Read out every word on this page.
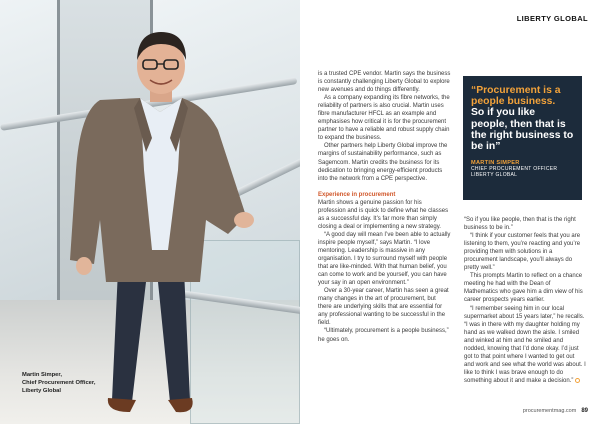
Martin Simper,
Chief Procurement Officer,
Liberty Global
LIBERTY GLOBAL

is a trusted CPE vendor. Martin says the business is constantly challenging Liberty Global to explore new avenues and do things differently.

As a company expanding its fibre networks, the reliability of partners is also crucial. Martin uses fibre manufacturer HFCL as an example and emphasises how critical it is for the procurement partner to have a reliable and robust supply chain to expand the business.

Other partners help Liberty Global improve the margins of sustainability performance, such as Sagemcom. Martin credits the business for its dedication to bringing energy-efficient products into the network from a CPE perspective.

Experience in procurement

Martin shows a genuine passion for his profession and is quick to define what he classes as a successful day. It’s far more than simply closing a deal or implementing a new strategy.

“A good day will mean I’ve been able to actually inspire people myself,” says Martin. “I love mentoring. Leadership is massive in any organisation. I try to surround myself with people that are like-minded. With that human belief, you can come to work and be yourself, you can have your say in an open environment.”

Over a 30-year career, Martin has seen a great many changes in the art of procurement, but there are underlying skills that are essential for any professional wanting to be successful in the field.

“Ultimately, procurement is a people business,” he goes on.

“Procurement is a people business.
So if you like people, then that is the right business to be in”
MARTIN SIMPER
CHIEF PROCUREMENT OFFICER
LIBERTY GLOBAL

“So if you like people, then that is the right business to be in.”

“I think if your customer feels that you are listening to them, you’re reacting and you’re providing them with solutions in a procurement landscape, you’ll always do pretty well.”

This prompts Martin to reflect on a chance meeting he had with the Dean of Mathematics who gave him a dim view of his career prospects years earlier.

“I remember seeing him in our local supermarket about 15 years later,” he recalls. “I was in there with my daughter holding my hand as we walked down the aisle. I smiled and winked at him and he smiled and nodded, knowing that I’d done okay. I’d just got to that point where I wanted to get out and work and see what the world was about. I like to think I was brave enough to do something about it and make a decision.”

procurementmag.com 89
